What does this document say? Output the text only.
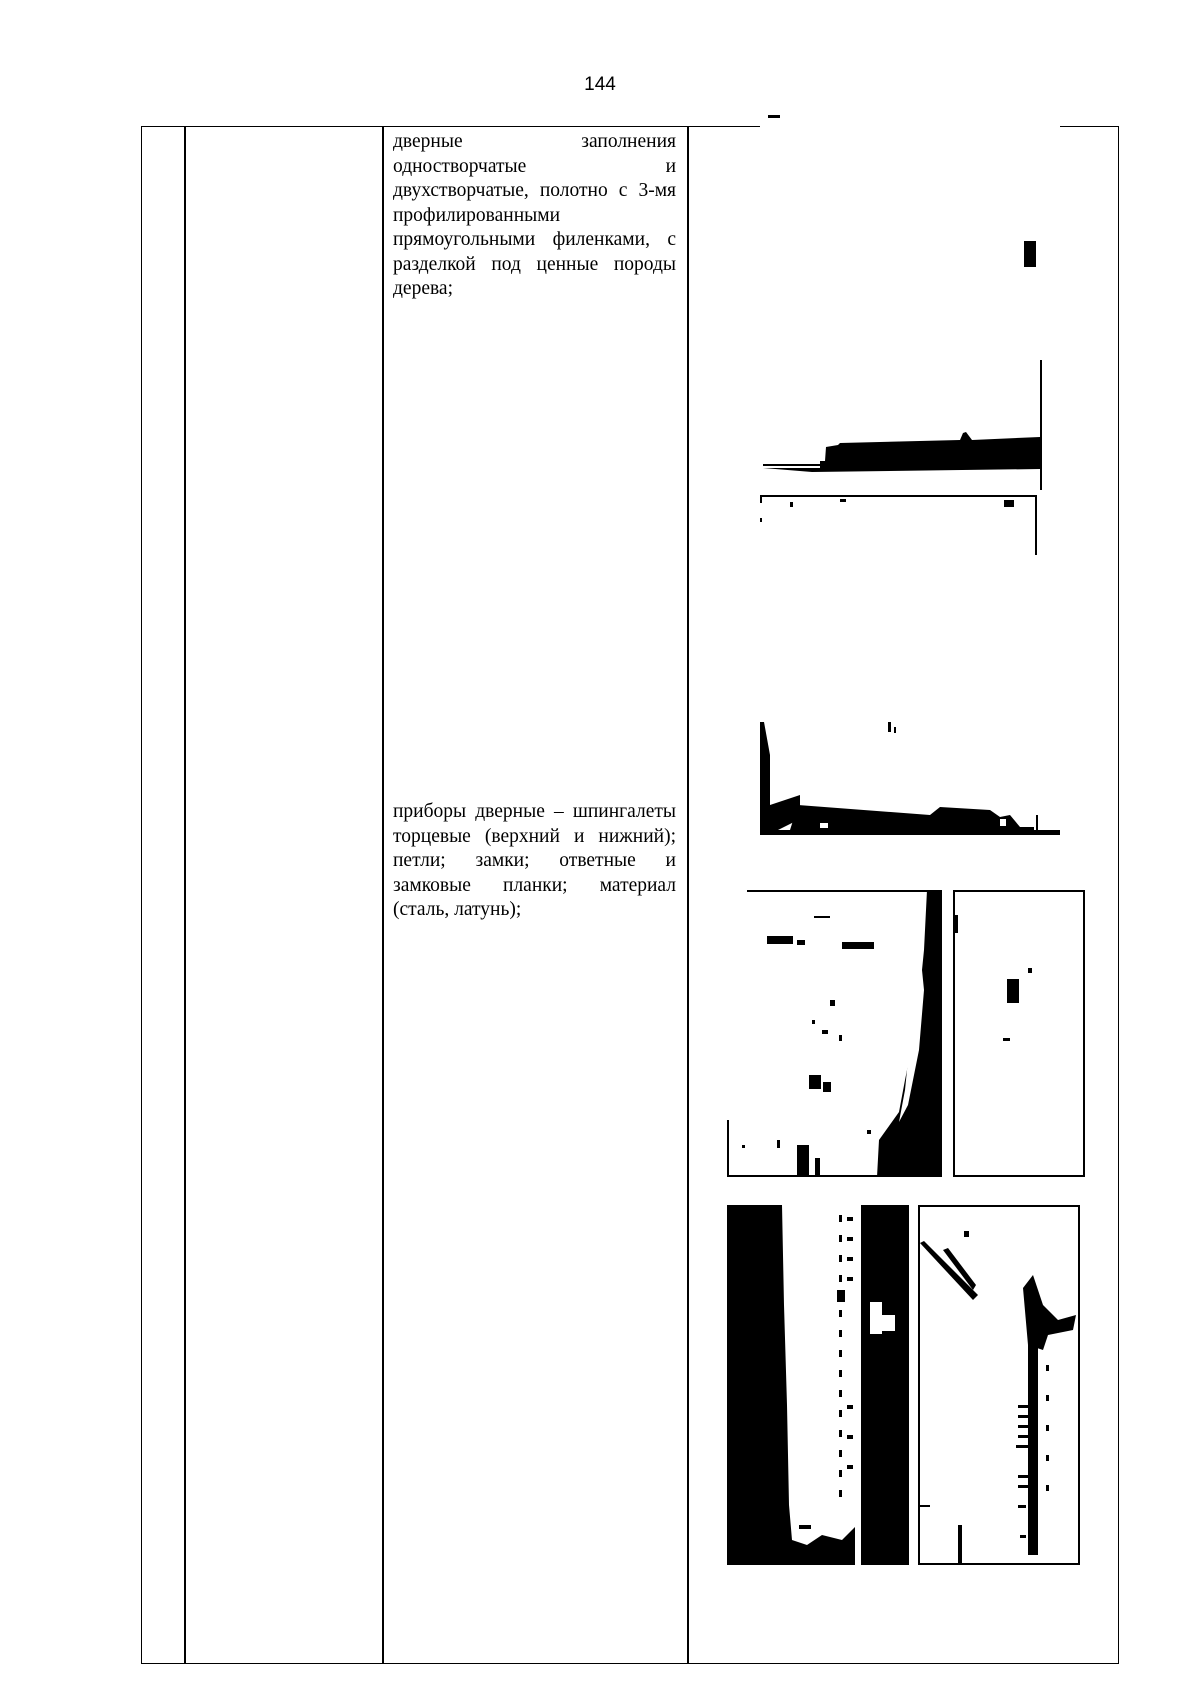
144
дверные заполнения одностворчатые и двухстворчатые, полотно с 3-мя профилированными прямоугольными филенками, с разделкой под ценные породы дерева;
приборы дверные – шпингалеты торцевые (верхний и нижний); петли; замки; ответные и замковые планки; материал (сталь, латунь);
